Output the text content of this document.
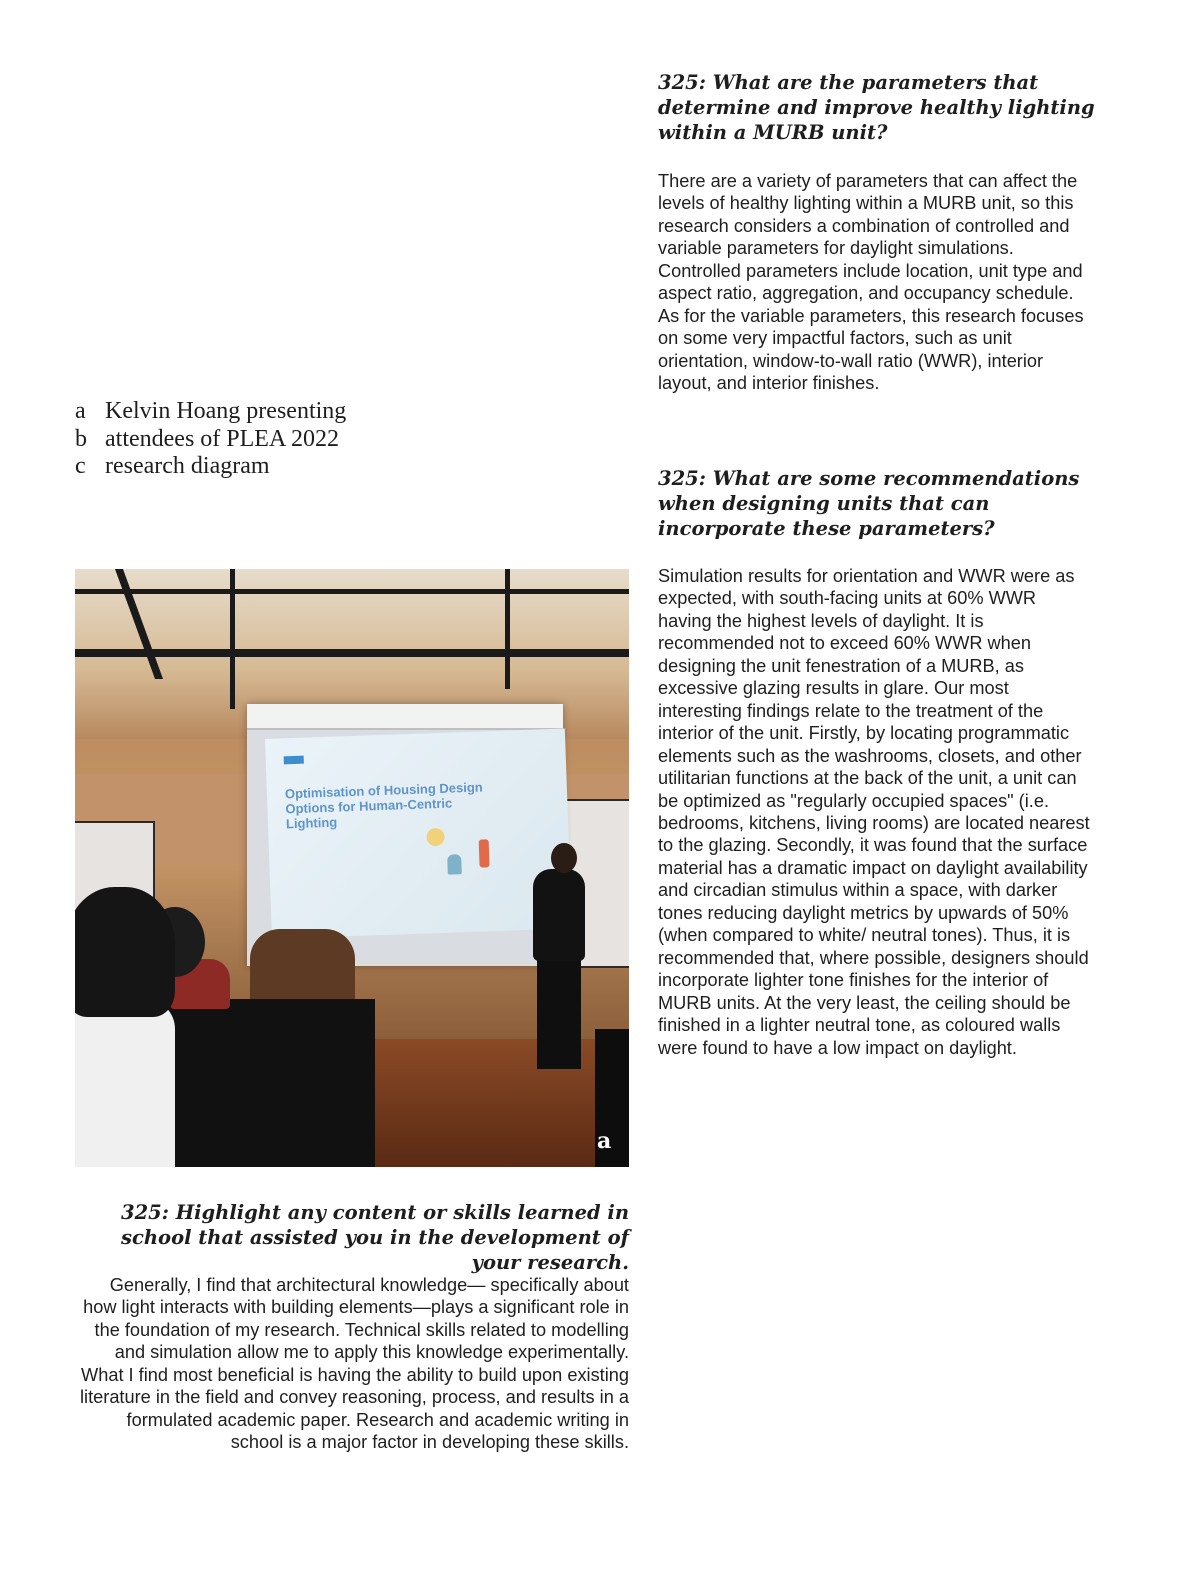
a Kelvin Hoang presenting
b attendees of PLEA 2022
c research diagram
Optimisation of Housing Design Options for Human-Centric Lighting
a
325: What are the parameters that determine and improve healthy lighting within a MURB unit?
There are a variety of parameters that can affect the levels of healthy lighting within a MURB unit, so this research considers a combination of controlled and variable parameters for daylight simulations. Controlled parameters include location, unit type and aspect ratio, aggregation, and occupancy schedule. As for the variable parameters, this research focuses on some very impactful factors, such as unit orientation, window-to-wall ratio (WWR), interior layout, and interior finishes.
325: What are some recommendations when designing units that can incorporate these parameters?
Simulation results for orientation and WWR were as expected, with south-facing units at 60% WWR having the highest levels of daylight. It is recommended not to exceed 60% WWR when designing the unit fenestration of a MURB, as excessive glazing results in glare. Our most interesting findings relate to the treatment of the interior of the unit. Firstly, by locating programmatic elements such as the washrooms, closets, and other utilitarian functions at the back of the unit, a unit can be optimized as "regularly occupied spaces" (i.e. bedrooms, kitchens, living rooms) are located nearest to the glazing. Secondly, it was found that the surface material has a dramatic impact on daylight availability and circadian stimulus within a space, with darker tones reducing daylight metrics by upwards of 50% (when compared to white/ neutral tones). Thus, it is recommended that, where possible, designers should incorporate lighter tone finishes for the interior of MURB units. At the very least, the ceiling should be finished in a lighter neutral tone, as coloured walls were found to have a low impact on daylight.
325: Highlight any content or skills learned in school that assisted you in the development of your research.
Generally, I find that architectural knowledge— specifically about how light interacts with building elements—plays a significant role in the foundation of my research. Technical skills related to modelling and simulation allow me to apply this knowledge experimentally. What I find most beneficial is having the ability to build upon existing literature in the field and convey reasoning, process, and results in a formulated academic paper. Research and academic writing in school is a major factor in developing these skills.
